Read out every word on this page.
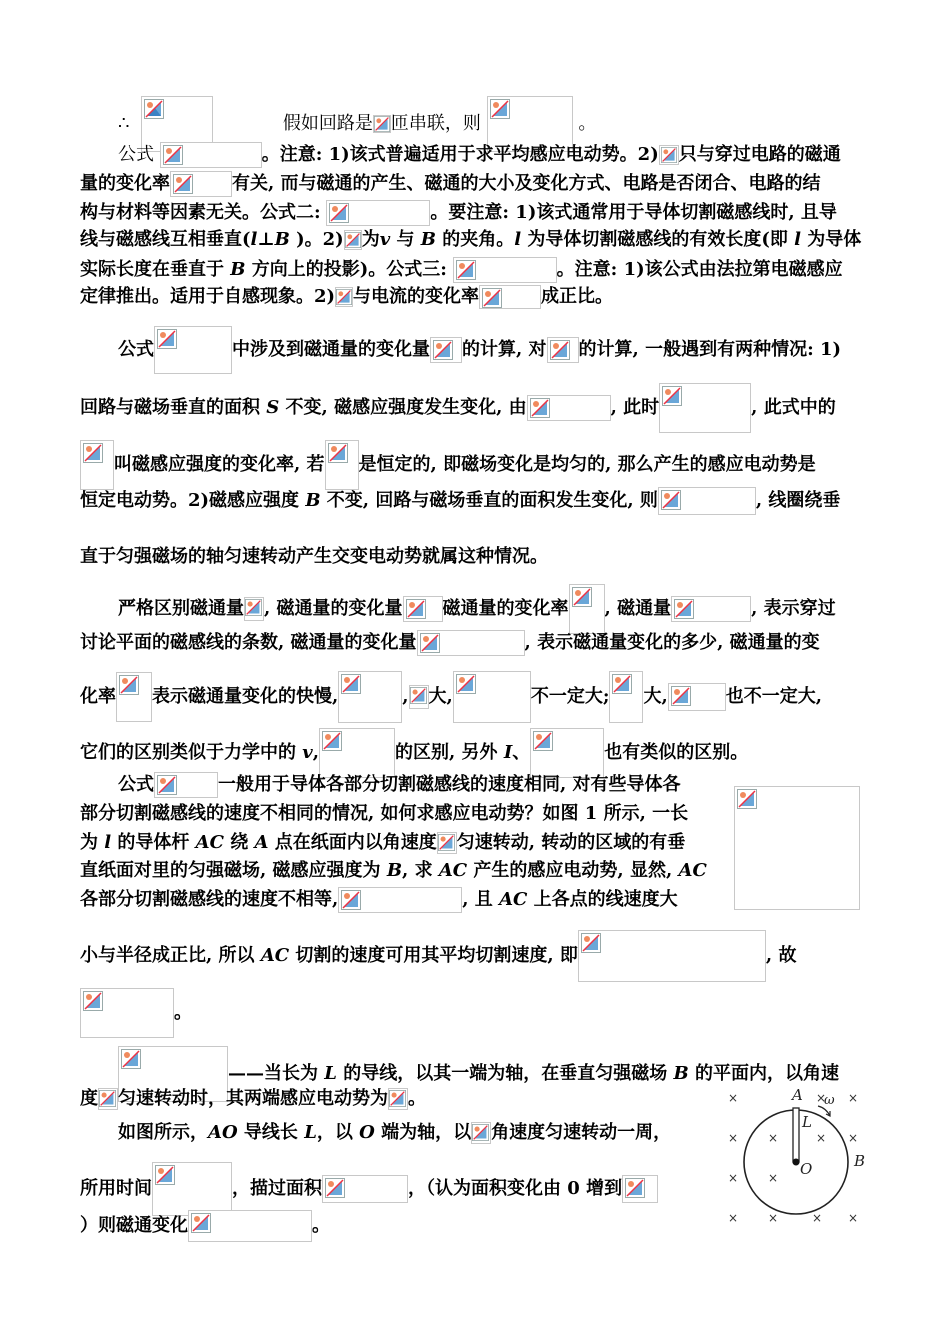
∴	假如回路是 匝串联，则	。
公式	。注意: 1)该式普遍适用于求平均感应电动势。2) 只与穿过电路的磁通
量的变化率	有关, 而与磁通的产生、磁通的大小及变化方式、电路是否闭合、电路的结
构与材料等因素无关。公式二:	。要注意: 1)该式通常用于导体切割磁感线时, 且导
线与磁感线互相垂直(l⊥B )。2) 为v 与 B 的夹角。l 为导体切割磁感线的有效长度(即 l 为导体
实际长度在垂直于 B 方向上的投影)。公式三:	。注意: 1)该公式由法拉第电磁感应
定律推出。适用于自感现象。2) 与电流的变化率	成正比。
公式	中涉及到磁通量的变化量 的计算, 对 的计算, 一般遇到有两种情况: 1)
回路与磁场垂直的面积 S 不变, 磁感应强度发生变化, 由	, 此时	, 此式中的
叫磁感应强度的变化率, 若 是恒定的, 即磁场变化是均匀的, 那么产生的感应电动势是
恒定电动势。2)磁感应强度 B 不变, 回路与磁场垂直的面积发生变化, 则	, 线圈绕垂
直于匀强磁场的轴匀速转动产生交变电动势就属这种情况。
严格区别磁通量 , 磁通量的变化量 磁通量的变化率 , 磁通量	, 表示穿过
讨论平面的磁感线的条数, 磁通量的变化量	, 表示磁通量变化的多少, 磁通量的变
化率 表示磁通量变化的快慢,	, 大,	不一定大; 大,	也不一定大,
它们的区别类似于力学中的 v,	的区别, 另外 I、	也有类似的区别。
公式	一般用于导体各部分切割磁感线的速度相同, 对有些导体各
部分切割磁感线的速度不相同的情况, 如何求感应电动势？如图 1 所示, 一长
为 l 的导体杆 AC 绕 A 点在纸面内以角速度 匀速转动, 转动的区域的有垂
直纸面对里的匀强磁场, 磁感应强度为 B, 求 AC 产生的感应电动势, 显然, AC
各部分切割磁感线的速度不相等,	, 且 AC 上各点的线速度大
小与半径成正比, 所以 AC 切割的速度可用其平均切割速度, 即	, 故
。
——当长为 L 的导线，以其一端为轴，在垂直匀强磁场 B 的平面内，以角速
度 匀速转动时，其两端感应电动势为 。
如图所示，AO 导线长 L，以 O 端为轴，以 角速度匀速转动一周，
所用时间	，描过面积	，（认为面积变化由 0 增到
）则磁通变化	。
×	× ×
× ×	× ×
× ×
× ×	× ×
A
L
O	B
ω
